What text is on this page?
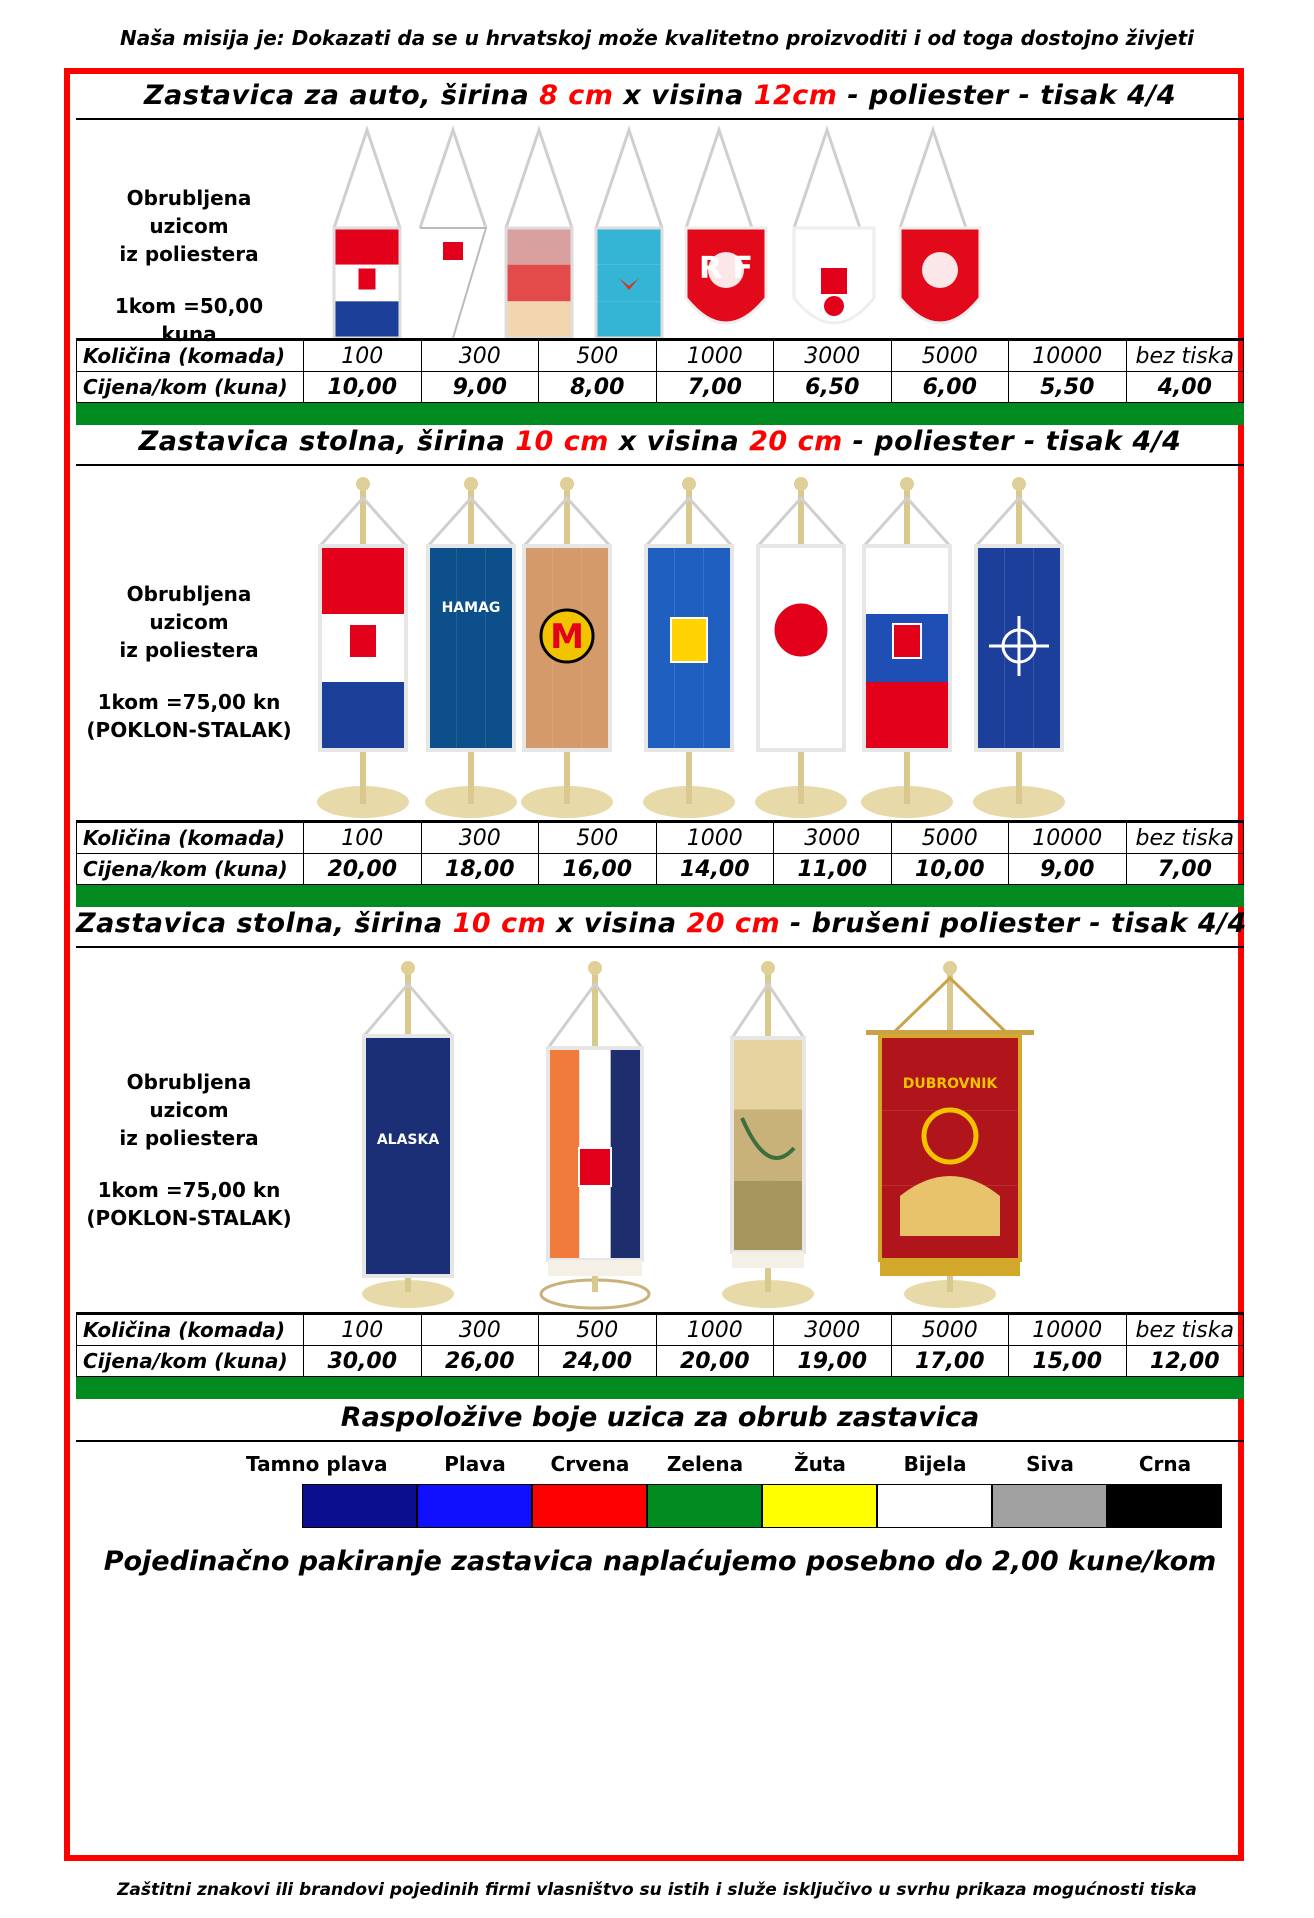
Naša misija je: Dokazati da se u hrvatskoj može kvalitetno proizvoditi i od toga dostojno živjeti
Zastavica za auto, širina 8 cm x visina 12cm - poliester - tisak 4/4
Obrubljena uzicom
iz poliestera
1kom =50,00 kuna
R F
Količina (komada)	100	300	500	1000	3000	5000	10000	bez tiska
Cijena/kom (kuna)	10,00	9,00	8,00	7,00	6,50	6,00	5,50	4,00
Zastavica stolna, širina 10 cm x visina 20 cm - poliester - tisak 4/4
Obrubljena uzicom
iz poliestera
1kom =75,00 kn
(POKLON-STALAK)
HAMAG
M
Količina (komada)	100	300	500	1000	3000	5000	10000	bez tiska
Cijena/kom (kuna)	20,00	18,00	16,00	14,00	11,00	10,00	9,00	7,00
Zastavica stolna, širina 10 cm x visina 20 cm - brušeni poliester - tisak 4/4
Obrubljena uzicom
iz poliestera
1kom =75,00 kn
(POKLON-STALAK)
ALASKA
DUBROVNIK
Količina (komada)	100	300	500	1000	3000	5000	10000	bez tiska
Cijena/kom (kuna)	30,00	26,00	24,00	20,00	19,00	17,00	15,00	12,00
Raspoložive boje uzica za obrub zastavica
Tamno plava	Plava	Crvena	Zelena	Žuta	Bijela	Siva	Crna
Pojedinačno pakiranje zastavica naplaćujemo posebno do 2,00 kune/kom
Zaštitni znakovi ili brandovi pojedinih firmi vlasništvo su istih i služe isključivo u svrhu prikaza mogućnosti tiska
